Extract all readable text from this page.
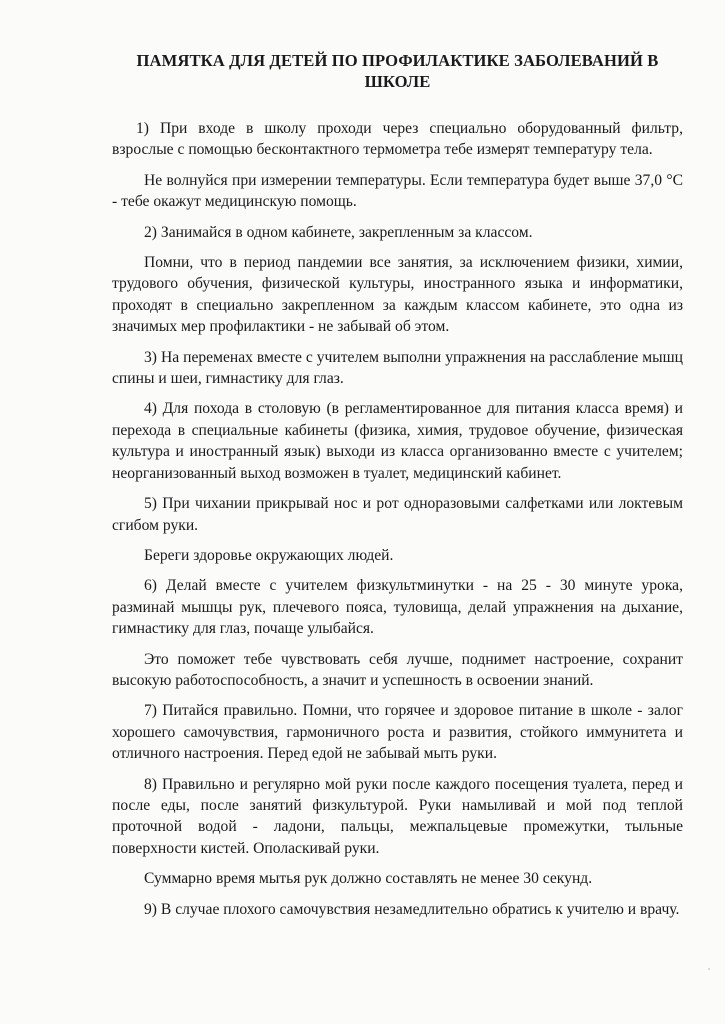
ПАМЯТКА ДЛЯ ДЕТЕЙ ПО ПРОФИЛАКТИКЕ ЗАБОЛЕВАНИЙ В ШКОЛЕ

1) При входе в школу проходи через специально оборудованный фильтр, взрослые с помощью бесконтактного термометра тебе измерят температуру тела.

Не волнуйся при измерении температуры. Если температура будет выше 37,0 °C - тебе окажут медицинскую помощь.

2) Занимайся в одном кабинете, закрепленным за классом.

Помни, что в период пандемии все занятия, за исключением физики, химии, трудового обучения, физической культуры, иностранного языка и информатики, проходят в специально закрепленном за каждым классом кабинете, это одна из значимых мер профилактики - не забывай об этом.

3) На переменах вместе с учителем выполни упражнения на расслабление мышц спины и шеи, гимнастику для глаз.

4) Для похода в столовую (в регламентированное для питания класса время) и перехода в специальные кабинеты (физика, химия, трудовое обучение, физическая культура и иностранный язык) выходи из класса организованно вместе с учителем; неорганизованный выход возможен в туалет, медицинский кабинет.

5) При чихании прикрывай нос и рот одноразовыми салфетками или локтевым сгибом руки.

Береги здоровье окружающих людей.

6) Делай вместе с учителем физкультминутки - на 25 - 30 минуте урока, разминай мышцы рук, плечевого пояса, туловища, делай упражнения на дыхание, гимнастику для глаз, почаще улыбайся.

Это поможет тебе чувствовать себя лучше, поднимет настроение, сохранит высокую работоспособность, а значит и успешность в освоении знаний.

7) Питайся правильно. Помни, что горячее и здоровое питание в школе - залог хорошего самочувствия, гармоничного роста и развития, стойкого иммунитета и отличного настроения. Перед едой не забывай мыть руки.

8) Правильно и регулярно мой руки после каждого посещения туалета, перед и после еды, после занятий физкультурой. Руки намыливай и мой под теплой проточной водой - ладони, пальцы, межпальцевые промежутки, тыльные поверхности кистей. Ополаскивай руки.

Суммарно время мытья рук должно составлять не менее 30 секунд.

9) В случае плохого самочувствия незамедлительно обратись к учителю и врачу.
